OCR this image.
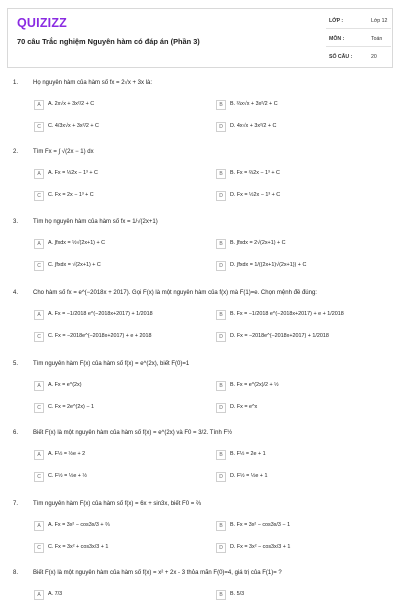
QUIZIZZ
70 câu Trắc nghiệm Nguyên hàm có đáp án (Phần 3)
LỚP :	Lớp 12
MÔN :	Toán
SỐ CÂU :	20
1. Họ nguyên hàm của hàm số fx = 2√x + 3x là:
A	A. 2x√x + 3x²/2 + C	B	B. ⅔x√x + 3x²/2 + C
C	C. 4/3x√x + 3x²/2 + C	D	D. 4x√x + 3x²/2 + C
2. Tìm Fx = ∫ √(2x − 1) dx
A	A. Fx = ⅓2x − 1³ + C	B	B. Fx = ⅔2x − 1³ + C
C	C. Fx = 2x − 1³ + C	D	D. Fx = ½2x − 1³ + C
3. Tìm họ nguyên hàm của hàm số fx = 1/√(2x+1)
A	A. ∫fxdx = ½√(2x+1) + C	B	B. ∫fxdx = 2√(2x+1) + C
C	C. ∫fxdx = √(2x+1) + C	D	D. ∫fxdx = 1/((2x+1)√(2x+1)) + C
4. Cho hàm số fx = e^(−2018x + 2017). Gọi F(x) là một nguyên hàm của f(x) mà F(1)=e. Chọn mệnh đề đúng:
A	A. Fx = −1/2018 e^(−2018x+2017) + 1/2018	B	B. Fx = −1/2018 e^(−2018x+2017) + e + 1/2018
C	C. Fx = −2018e^(−2018x+2017) + e + 2018	D	D. Fx = −2018e^(−2018x+2017) + 1/2018
5. Tìm nguyên hàm F(x) của hàm số f(x) = e^(2x), biết F(0)=1
A	A. Fx = e^(2x)	B	B. Fx = e^(2x)/2 + ½
C	C. Fx = 2e^(2x) − 1	D	D. Fx = e^x
6. Biết F(x) là một nguyên hàm của hàm số f(x) = e^(2x) và F0 = 3/2. Tính F½
A	A. F½ = ½e + 2	B	B. F½ = 2e + 1
C	C. F½ = ½e + ½	D	D. F½ = ½e + 1
7. Tìm nguyên hàm F(x) của hàm số f(x) = 6x + sin3x, biết F0 = ⅔
A	A. Fx = 3x² − cos3x/3 + ⅔	B	B. Fx = 3x² − cos3x/3 − 1
C	C. Fx = 3x² + cos3x/3 + 1	D	D. Fx = 3x² − cos3x/3 + 1
8. Biết F(x) là một nguyên hàm của hàm số f(x) = x² + 2x - 3 thỏa mãn F(0)=4, giá trị của F(1)= ?
A	A. 7/3	B	B. 5/3
